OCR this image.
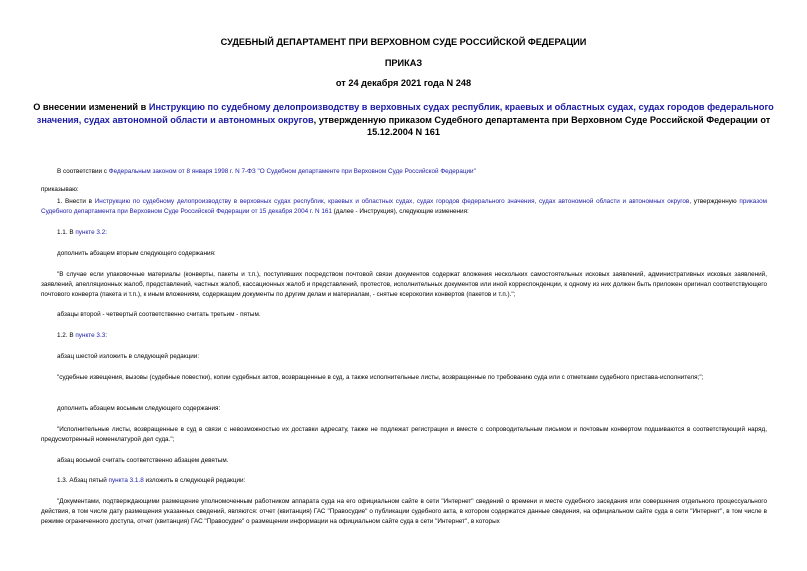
СУДЕБНЫЙ ДЕПАРТАМЕНТ ПРИ ВЕРХОВНОМ СУДЕ РОССИЙСКОЙ ФЕДЕРАЦИИ
ПРИКАЗ
от 24 декабря 2021 года N 248
О внесении изменений в Инструкцию по судебному делопроизводству в верховных судах республик, краевых и областных судах, судах городов федерального значения, судах автономной области и автономных округов, утвержденную приказом Судебного департамента при Верховном Суде Российской Федерации от 15.12.2004 N 161
В соответствии с Федеральным законом от 8 января 1998 г. N 7-ФЗ "О Судебном департаменте при Верховном Суде Российской Федерации"
приказываю:
1. Внести в Инструкцию по судебному делопроизводству в верховных судах республик, краевых и областных судах, судах городов федерального значения, судах автономной области и автономных округов, утвержденную приказом Судебного департамента при Верховном Суде Российской Федерации от 15 декабря 2004 г. N 161 (далее - Инструкция), следующие изменения:
1.1. В пункте 3.2:
дополнить абзацем вторым следующего содержания:
"В случае если упаковочные материалы (конверты, пакеты и т.п.), поступивших посредством почтовой связи документов содержат вложения нескольких самостоятельных исковых заявлений, административных исковых заявлений, заявлений, апелляционных жалоб, представлений, частных жалоб, кассационных жалоб и представлений, протестов, исполнительных документов или иной корреспонденции, к одному из них должен быть приложен оригинал соответствующего почтового конверта (пакета и т.п.), к иным вложениям, содержащим документы по другим делам и материалам, - снятые ксерокопии конвертов (пакетов и т.п.).";
абзацы второй - четвертый соответственно считать третьим - пятым.
1.2. В пункте 3.3:
абзац шестой изложить в следующей редакции:
"судебные извещения, вызовы (судебные повестки), копии судебных актов, возвращенные в суд, а также исполнительные листы, возвращенные по требованию суда или с отметками судебного пристава-исполнителя;";
дополнить абзацем восьмым следующего содержания:
"Исполнительные листы, возвращенные в суд в связи с невозможностью их доставки адресату, также не подлежат регистрации и вместе с сопроводительным письмом и почтовым конвертом подшиваются в соответствующий наряд, предусмотренный номенклатурой дел суда.";
абзац восьмой считать соответственно абзацем девятым.
1.3. Абзац пятый пункта 3.1.8 изложить в следующей редакции:
"Документами, подтверждающими размещение уполномоченным работником аппарата суда на его официальном сайте в сети "Интернет" сведений о времени и месте судебного заседания или совершения отдельного процессуального действия, в том числе дату размещения указанных сведений, являются: отчет (квитанция) ГАС "Правосудие" о публикации судебного акта, в котором содержатся данные сведения, на официальном сайте суда в сети "Интернет", в том числе в режиме ограниченного доступа, отчет (квитанция) ГАС "Правосудие" о размещении информации на официальном сайте суда в сети "Интернет", в которых
